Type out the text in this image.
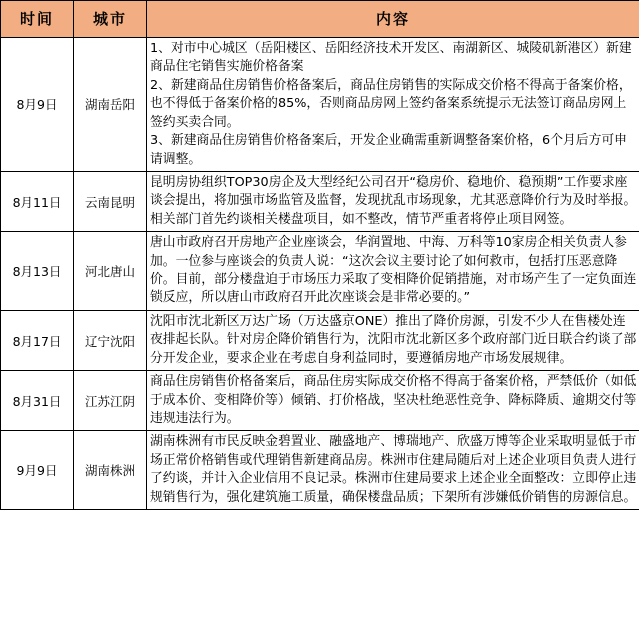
时间	城市	内容
8月9日	湖南岳阳	1、对市中心城区（岳阳楼区、岳阳经济技术开发区、南湖新区、城陵矶新港区）新建商品住宅销售实施价格备案

2、新建商品住房销售价格备案后，商品住房销售的实际成交价格不得高于备案价格，也不得低于备案价格的85%，否则商品房网上签约备案系统提示无法签订商品房网上签约买卖合同。

3、新建商品住房销售价格备案后，开发企业确需重新调整备案价格，6个月后方可申请调整。

8月11日	云南昆明	昆明房协组织TOP30房企及大型经纪公司召开“稳房价、稳地价、稳预期”工作要求座谈会提出，将加强市场监管及监督，发现扰乱市场现象，尤其恶意降价行为及时举报。相关部门首先约谈相关楼盘项目，如不整改，情节严重者将停止项目网签。

8月13日	河北唐山	唐山市政府召开房地产企业座谈会，华润置地、中海、万科等10家房企相关负责人参加。一位参与座谈会的负责人说：“这次会议主要讨论了如何救市，包括打压恶意降价。目前，部分楼盘迫于市场压力采取了变相降价促销措施，对市场产生了一定负面连锁反应，所以唐山市政府召开此次座谈会是非常必要的。”

8月17日	辽宁沈阳	沈阳市沈北新区万达广场（万达盛京ONE）推出了降价房源，引发不少人在售楼处连夜排起长队。针对房企降价销售行为，沈阳市沈北新区多个政府部门近日联合约谈了部分开发企业，要求企业在考虑自身利益同时，要遵循房地产市场发展规律。

8月31日	江苏江阴	商品住房销售价格备案后，商品住房实际成交价格不得高于备案价格，严禁低价（如低于成本价、变相降价等）倾销、打价格战，坚决杜绝恶性竞争、降标降质、逾期交付等违规违法行为。

9月9日	湖南株洲	湖南株洲有市民反映金碧置业、融盛地产、博瑞地产、欣盛万博等企业采取明显低于市场正常价格销售或代理销售新建商品房。株洲市住建局随后对上述企业项目负责人进行了约谈，并计入企业信用不良记录。株洲市住建局要求上述企业全面整改：立即停止违规销售行为，强化建筑施工质量，确保楼盘品质；下架所有涉嫌低价销售的房源信息。
